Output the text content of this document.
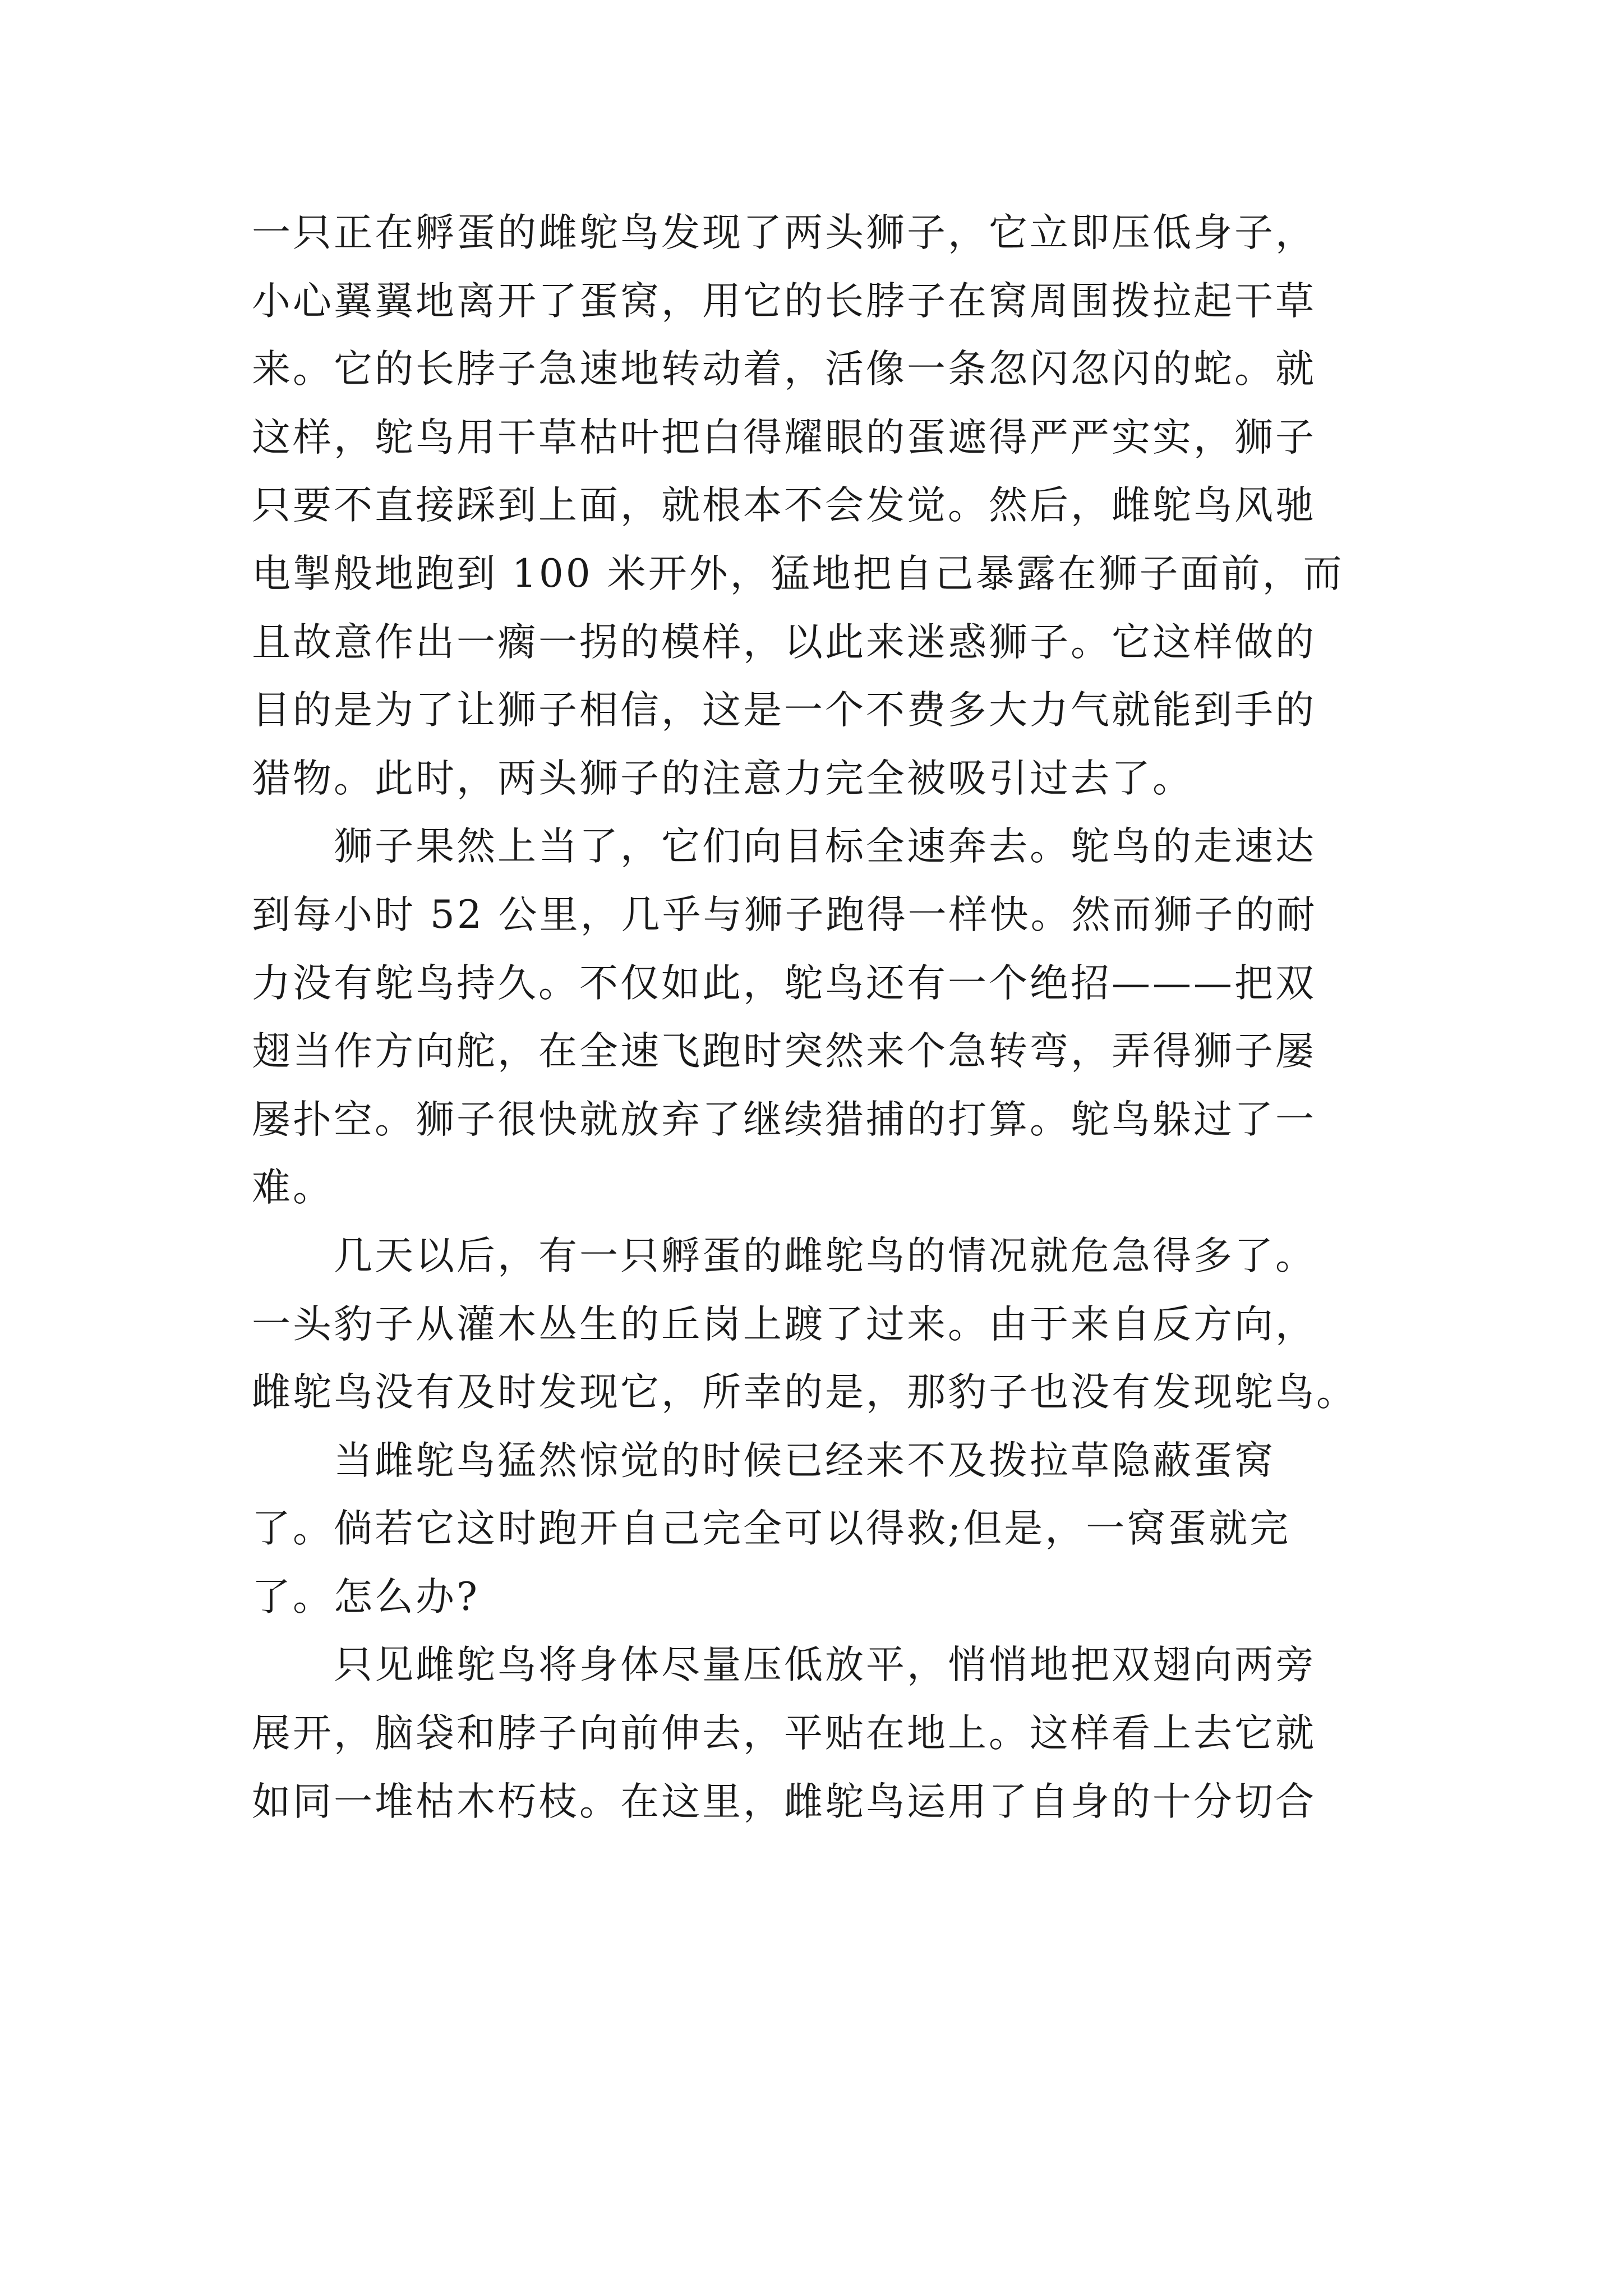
一只正在孵蛋的雌鸵鸟发现了两头狮子，它立即压低身子，
小心翼翼地离开了蛋窝，用它的长脖子在窝周围拨拉起干草
来。它的长脖子急速地转动着，活像一条忽闪忽闪的蛇。就
这样，鸵鸟用干草枯叶把白得耀眼的蛋遮得严严实实，狮子
只要不直接踩到上面，就根本不会发觉。然后，雌鸵鸟风驰
电掣般地跑到 100 米开外，猛地把自己暴露在狮子面前，而
且故意作出一瘸一拐的模样，以此来迷惑狮子。它这样做的
目的是为了让狮子相信，这是一个不费多大力气就能到手的
猎物。此时，两头狮子的注意力完全被吸引过去了。
狮子果然上当了，它们向目标全速奔去。鸵鸟的走速达
到每小时 52 公里，几乎与狮子跑得一样快。然而狮子的耐
力没有鸵鸟持久。不仅如此，鸵鸟还有一个绝招———把双
翅当作方向舵，在全速飞跑时突然来个急转弯，弄得狮子屡
屡扑空。狮子很快就放弃了继续猎捕的打算。鸵鸟躲过了一
难。
几天以后，有一只孵蛋的雌鸵鸟的情况就危急得多了。
一头豹子从灌木丛生的丘岗上踱了过来。由于来自反方向，
雌鸵鸟没有及时发现它，所幸的是，那豹子也没有发现鸵鸟。
当雌鸵鸟猛然惊觉的时候已经来不及拨拉草隐蔽蛋窝
了。倘若它这时跑开自己完全可以得救;但是，一窝蛋就完
了。怎么办?
只见雌鸵鸟将身体尽量压低放平，悄悄地把双翅向两旁
展开，脑袋和脖子向前伸去，平贴在地上。这样看上去它就
如同一堆枯木朽枝。在这里，雌鸵鸟运用了自身的十分切合
